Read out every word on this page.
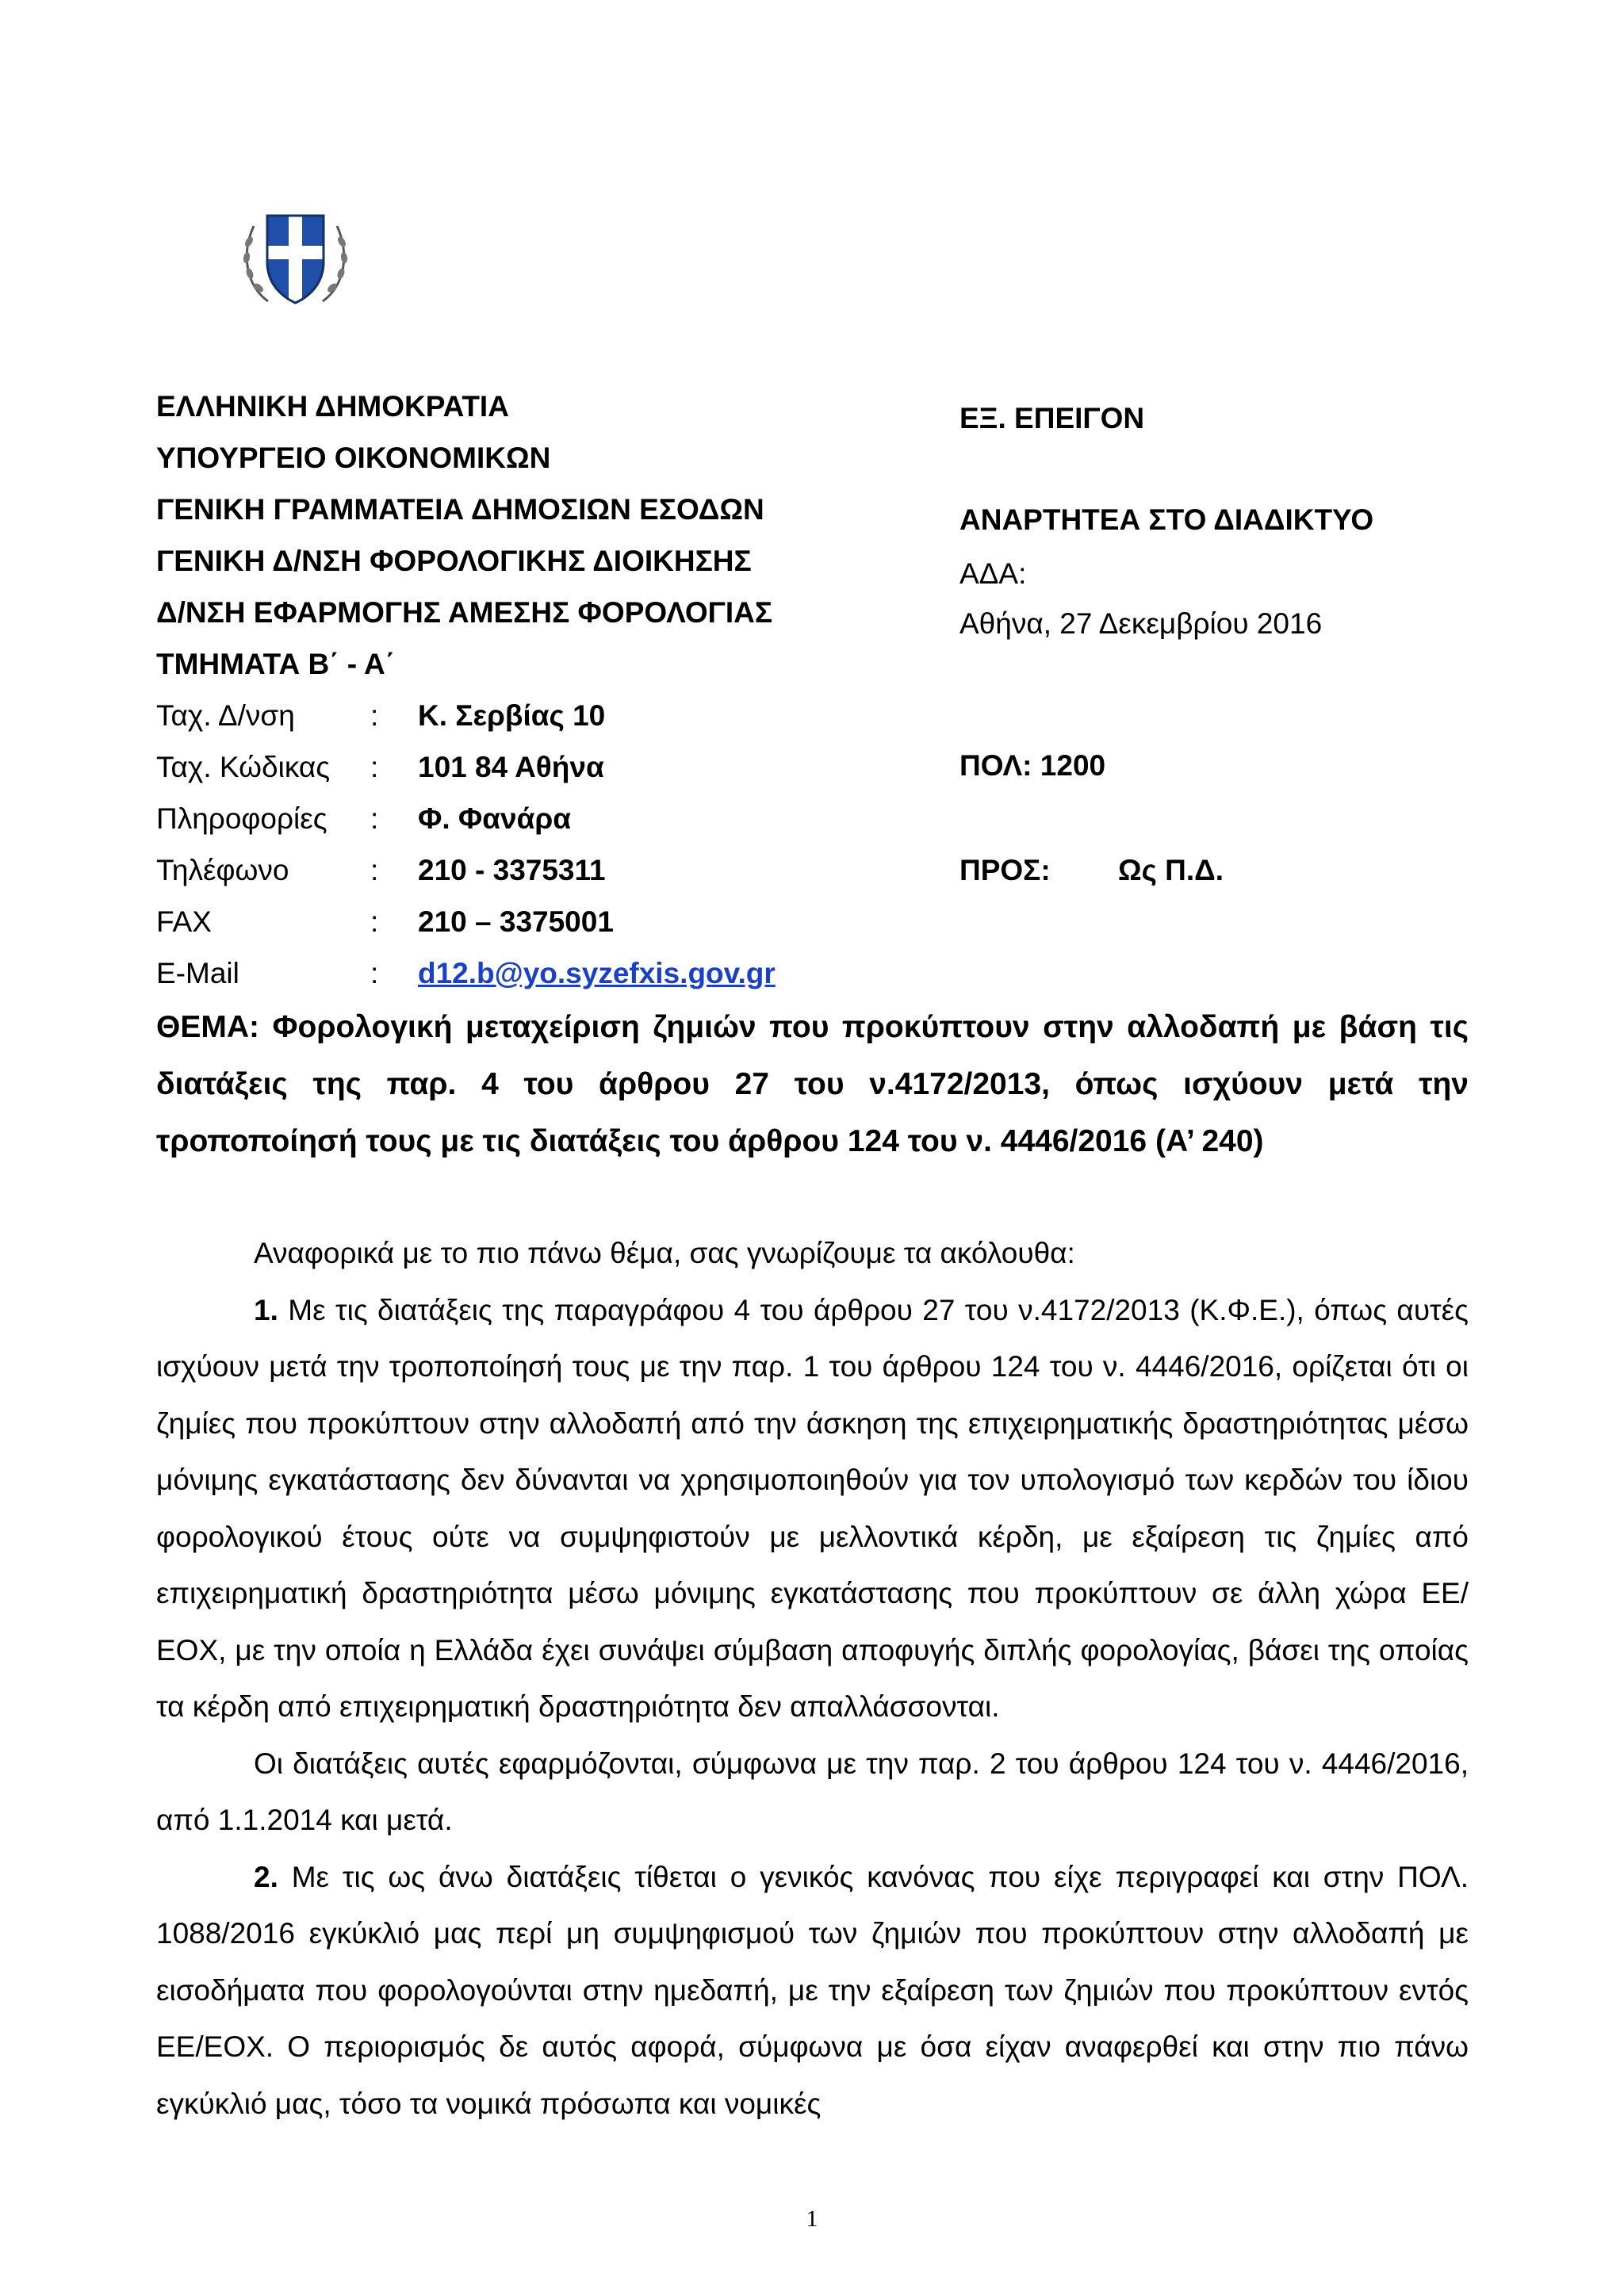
ΕΛΛΗΝΙΚΗ ΔΗΜΟΚΡΑΤΙΑ
ΥΠΟΥΡΓΕΙΟ ΟΙΚΟΝΟΜΙΚΩΝ
ΓΕΝΙΚΗ ΓΡΑΜΜΑΤΕΙΑ ΔΗΜΟΣΙΩΝ ΕΣΟΔΩΝ
ΓΕΝΙΚΗ Δ/ΝΣΗ ΦΟΡΟΛΟΓΙΚΗΣ ΔΙΟΙΚΗΣΗΣ
Δ/ΝΣΗ ΕΦΑΡΜΟΓΗΣ ΑΜΕΣΗΣ ΦΟΡΟΛΟΓΙΑΣ
ΤΜΗΜΑΤΑ Β΄ - Α΄
ΕΞ. ΕΠΕΙΓΟΝ
ΑΝΑΡΤΗΤΕΑ ΣΤΟ ΔΙΑΔΙΚΤΥΟ
ΑΔΑ:
Αθήνα, 27 Δεκεμβρίου 2016
ΠΟΛ: 1200
ΠΡΟΣ: Ως Π.Δ.
Ταχ. Δ/νση	:	Κ. Σερβίας 10
Ταχ. Κώδικας	:	101 84 Αθήνα
Πληροφορίες	:	Φ. Φανάρα
Τηλέφωνο	:	210 - 3375311
FAX	:	210 – 3375001
E-Mail	:	d12.b@yo.syzefxis.gov.gr
ΘΕΜΑ: Φορολογική μεταχείριση ζημιών που προκύπτουν στην αλλοδαπή με βάση τις διατάξεις της παρ. 4 του άρθρου 27 του ν.4172/2013, όπως ισχύουν μετά την τροποποίησή τους με τις διατάξεις του άρθρου 124 του ν. 4446/2016 (Α’ 240)

Αναφορικά με το πιο πάνω θέμα, σας γνωρίζουμε τα ακόλουθα:

1. Με τις διατάξεις της παραγράφου 4 του άρθρου 27 του ν.4172/2013 (Κ.Φ.Ε.), όπως αυτές ισχύουν μετά την τροποποίησή τους με την παρ. 1 του άρθρου 124 του ν. 4446/2016, ορίζεται ότι οι ζημίες που προκύπτουν στην αλλοδαπή από την άσκηση της επιχειρηματικής δραστηριότητας μέσω μόνιμης εγκατάστασης δεν δύνανται να χρησιμοποιηθούν για τον υπολογισμό των κερδών του ίδιου φορολογικού έτους ούτε να συμψηφιστούν με μελλοντικά κέρδη, με εξαίρεση τις ζημίες από επιχειρηματική δραστηριότητα μέσω μόνιμης εγκατάστασης που προκύπτουν σε άλλη χώρα ΕΕ/ΕΟΧ, με την οποία η Ελλάδα έχει συνάψει σύμβαση αποφυγής διπλής φορολογίας, βάσει της οποίας τα κέρδη από επιχειρηματική δραστηριότητα δεν απαλλάσσονται.

Οι διατάξεις αυτές εφαρμόζονται, σύμφωνα με την παρ. 2 του άρθρου 124 του ν. 4446/2016, από 1.1.2014 και μετά.

2. Με τις ως άνω διατάξεις τίθεται ο γενικός κανόνας που είχε περιγραφεί και στην ΠΟΛ. 1088/2016 εγκύκλιό μας περί μη συμψηφισμού των ζημιών που προκύπτουν στην αλλοδαπή με εισοδήματα που φορολογούνται στην ημεδαπή, με την εξαίρεση των ζημιών που προκύπτουν εντός ΕΕ/ΕΟΧ. Ο περιορισμός δε αυτός αφορά, σύμφωνα με όσα είχαν αναφερθεί και στην πιο πάνω εγκύκλιό μας, τόσο τα νομικά πρόσωπα και νομικές

1
